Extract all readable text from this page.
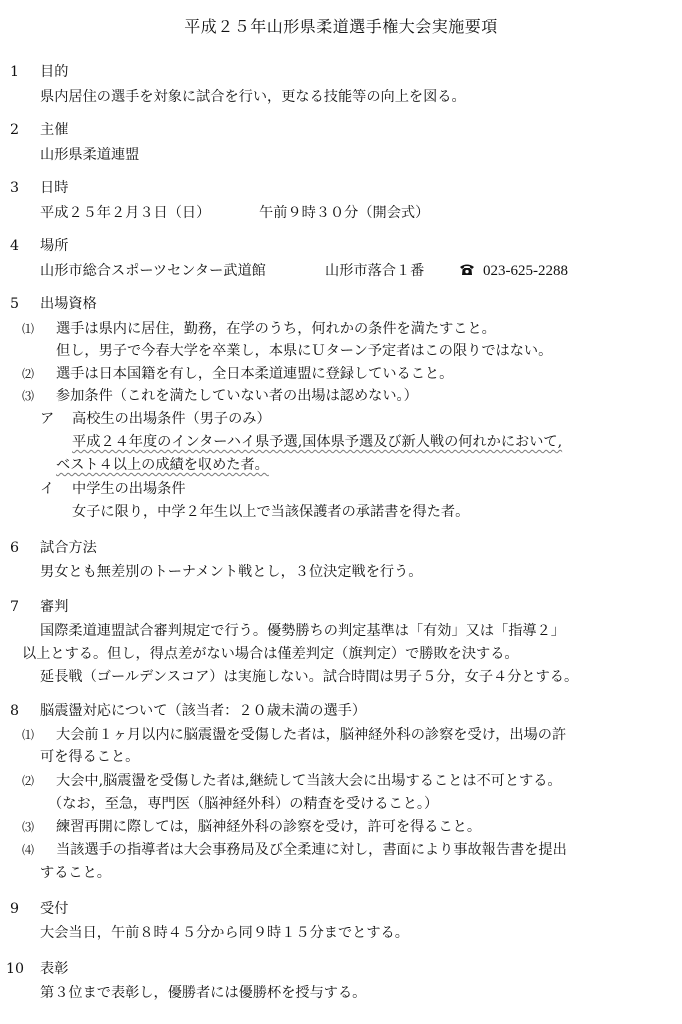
平成２５年山形県柔道選手権大会実施要項
1 目的
県内居住の選手を対象に試合を行い，更なる技能等の向上を図る。
2 主催
山形県柔道連盟
3 日時
平成２５年２月３日（日）	午前９時３０分（開会式）
4 場所
山形市総合スポーツセンター武道館	山形市落合１番	023-625-2288
5 出場資格
⑴ 選手は県内に居住，勤務，在学のうち，何れかの条件を満たすこと。
但し，男子で今春大学を卒業し，本県にＵターン予定者はこの限りではない。
⑵ 選手は日本国籍を有し，全日本柔道連盟に登録していること。
⑶ 参加条件（これを満たしていない者の出場は認めない。）
ア 高校生の出場条件（男子のみ）
平成２４年度のインターハイ県予選,国体県予選及び新人戦の何れかにおいて,
ベスト４以上の成績を収めた者。
イ 中学生の出場条件
女子に限り，中学２年生以上で当該保護者の承諾書を得た者。
6 試合方法
男女とも無差別のトーナメント戦とし，３位決定戦を行う。
7 審判
国際柔道連盟試合審判規定で行う。優勢勝ちの判定基準は「有効」又は「指導２」
以上とする。但し，得点差がない場合は僅差判定（旗判定）で勝敗を決する。
延長戦（ゴールデンスコア）は実施しない。試合時間は男子５分，女子４分とする。
8 脳震盪対応について（該当者：２０歳未満の選手）
⑴ 大会前１ヶ月以内に脳震盪を受傷した者は，脳神経外科の診察を受け，出場の許
可を得ること。
⑵ 大会中,脳震盪を受傷した者は,継続して当該大会に出場することは不可とする。
（なお，至急，専門医（脳神経外科）の精査を受けること。）
⑶ 練習再開に際しては，脳神経外科の診察を受け，許可を得ること。
⑷ 当該選手の指導者は大会事務局及び全柔連に対し，書面により事故報告書を提出
すること。
9 受付
大会当日，午前８時４５分から同９時１５分までとする。
10 表彰
第３位まで表彰し，優勝者には優勝杯を授与する。
